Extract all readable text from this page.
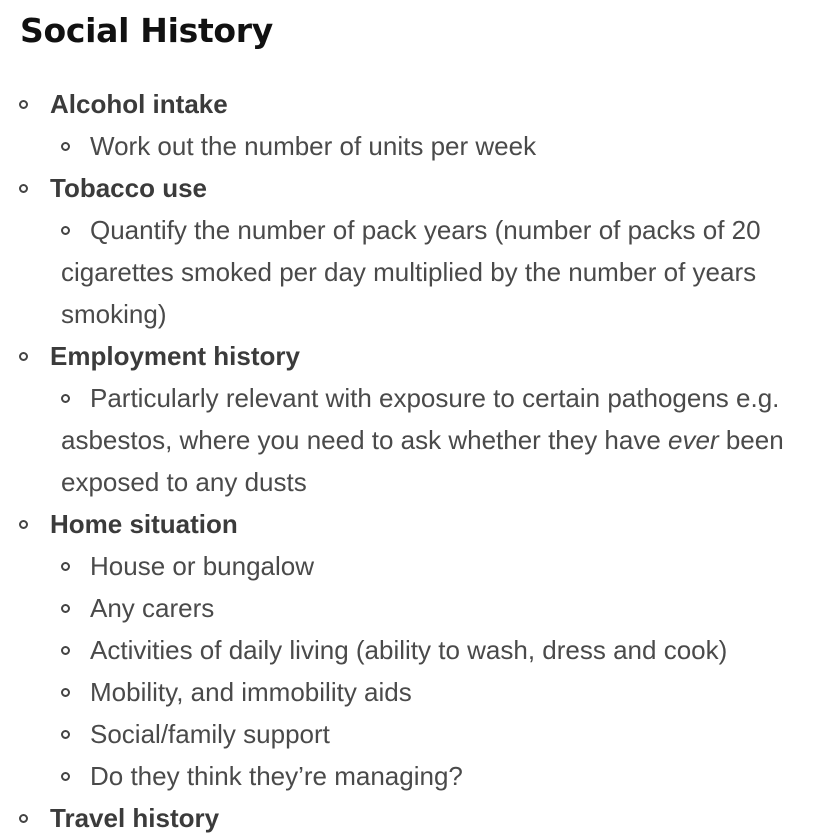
Social History
Alcohol intake
Work out the number of units per week
Tobacco use
Quantify the number of pack years (number of packs of 20 cigarettes smoked per day multiplied by the number of years smoking)
Employment history
Particularly relevant with exposure to certain pathogens e.g. asbestos, where you need to ask whether they have ever been exposed to any dusts
Home situation
House or bungalow
Any carers
Activities of daily living (ability to wash, dress and cook)
Mobility, and immobility aids
Social/family support
Do they think they’re managing?
Travel history
